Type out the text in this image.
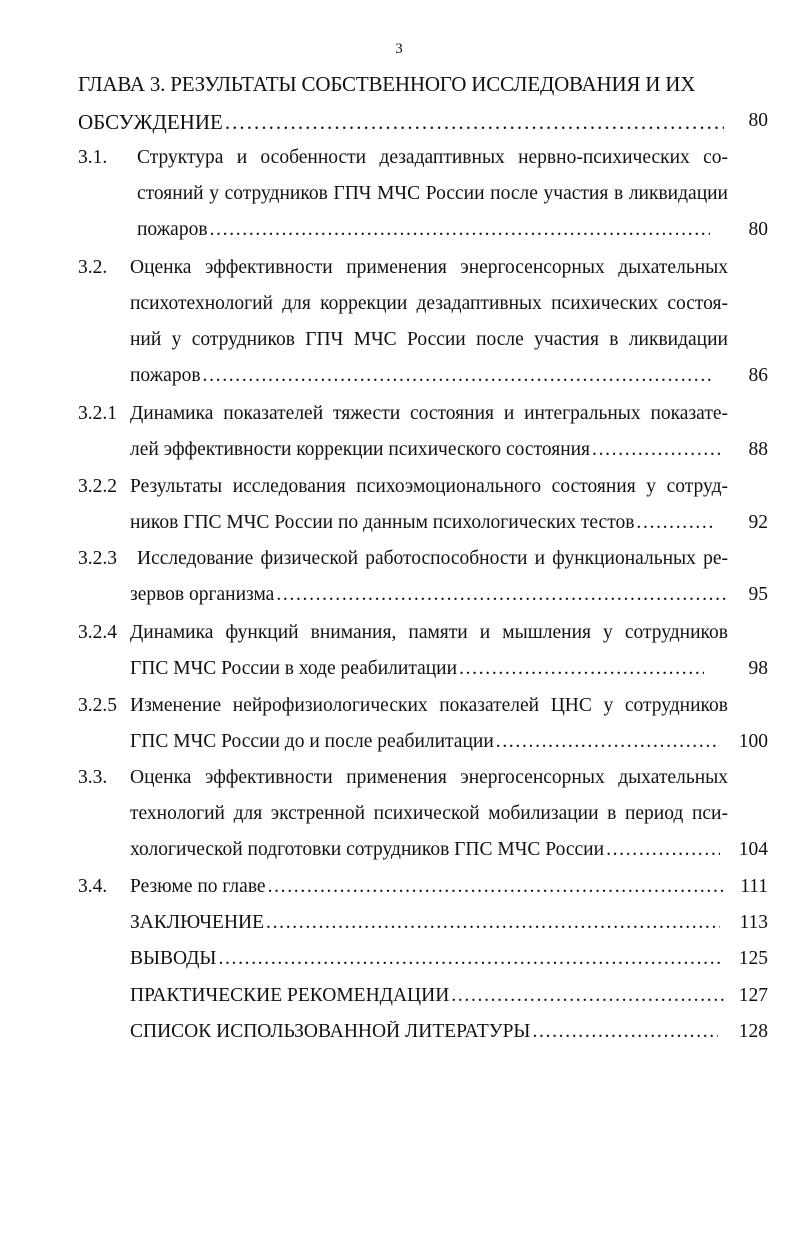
3
ГЛАВА 3. РЕЗУЛЬТАТЫ СОБСТВЕННОГО ИССЛЕДОВАНИЯ И ИХ
ОБСУЖДЕНИЕ . . .	80
3.1. Структура и особенности дезадаптивных нервно-психических со-
стояний у сотрудников ГПЧ МЧС России после участия в ликвидации
пожаров . . .	80
3.2. Оценка эффективности применения энергосенсорных дыхательных
психотехнологий для коррекции дезадаптивных психических состоя-
ний у сотрудников ГПЧ МЧС России после участия в ликвидации
пожаров . . .	86
3.2.1 Динамика показателей тяжести состояния и интегральных показате-
лей эффективности коррекции психического состояния . . .	88
3.2.2 Результаты исследования психоэмоционального состояния у сотруд-
ников ГПС МЧС России по данным психологических тестов . . .	92
3.2.3 Исследование физической работоспособности и функциональных ре-
зервов организма . . .	95
3.2.4 Динамика функций внимания, памяти и мышления у сотрудников
ГПС МЧС России в ходе реабилитации . . .	98
3.2.5 Изменение нейрофизиологических показателей ЦНС у сотрудников
ГПС МЧС России до и после реабилитации . . .	100
3.3. Оценка эффективности применения энергосенсорных дыхательных
технологий для экстренной психической мобилизации в период пси-
хологической подготовки сотрудников ГПС МЧС России . . .	104
3.4. Резюме по главе . . .	111
ЗАКЛЮЧЕНИЕ . . .	113
ВЫВОДЫ . . .	125
ПРАКТИЧЕСКИЕ РЕКОМЕНДАЦИИ . . .	127
СПИСОК ИСПОЛЬЗОВАННОЙ ЛИТЕРАТУРЫ . . .	128
